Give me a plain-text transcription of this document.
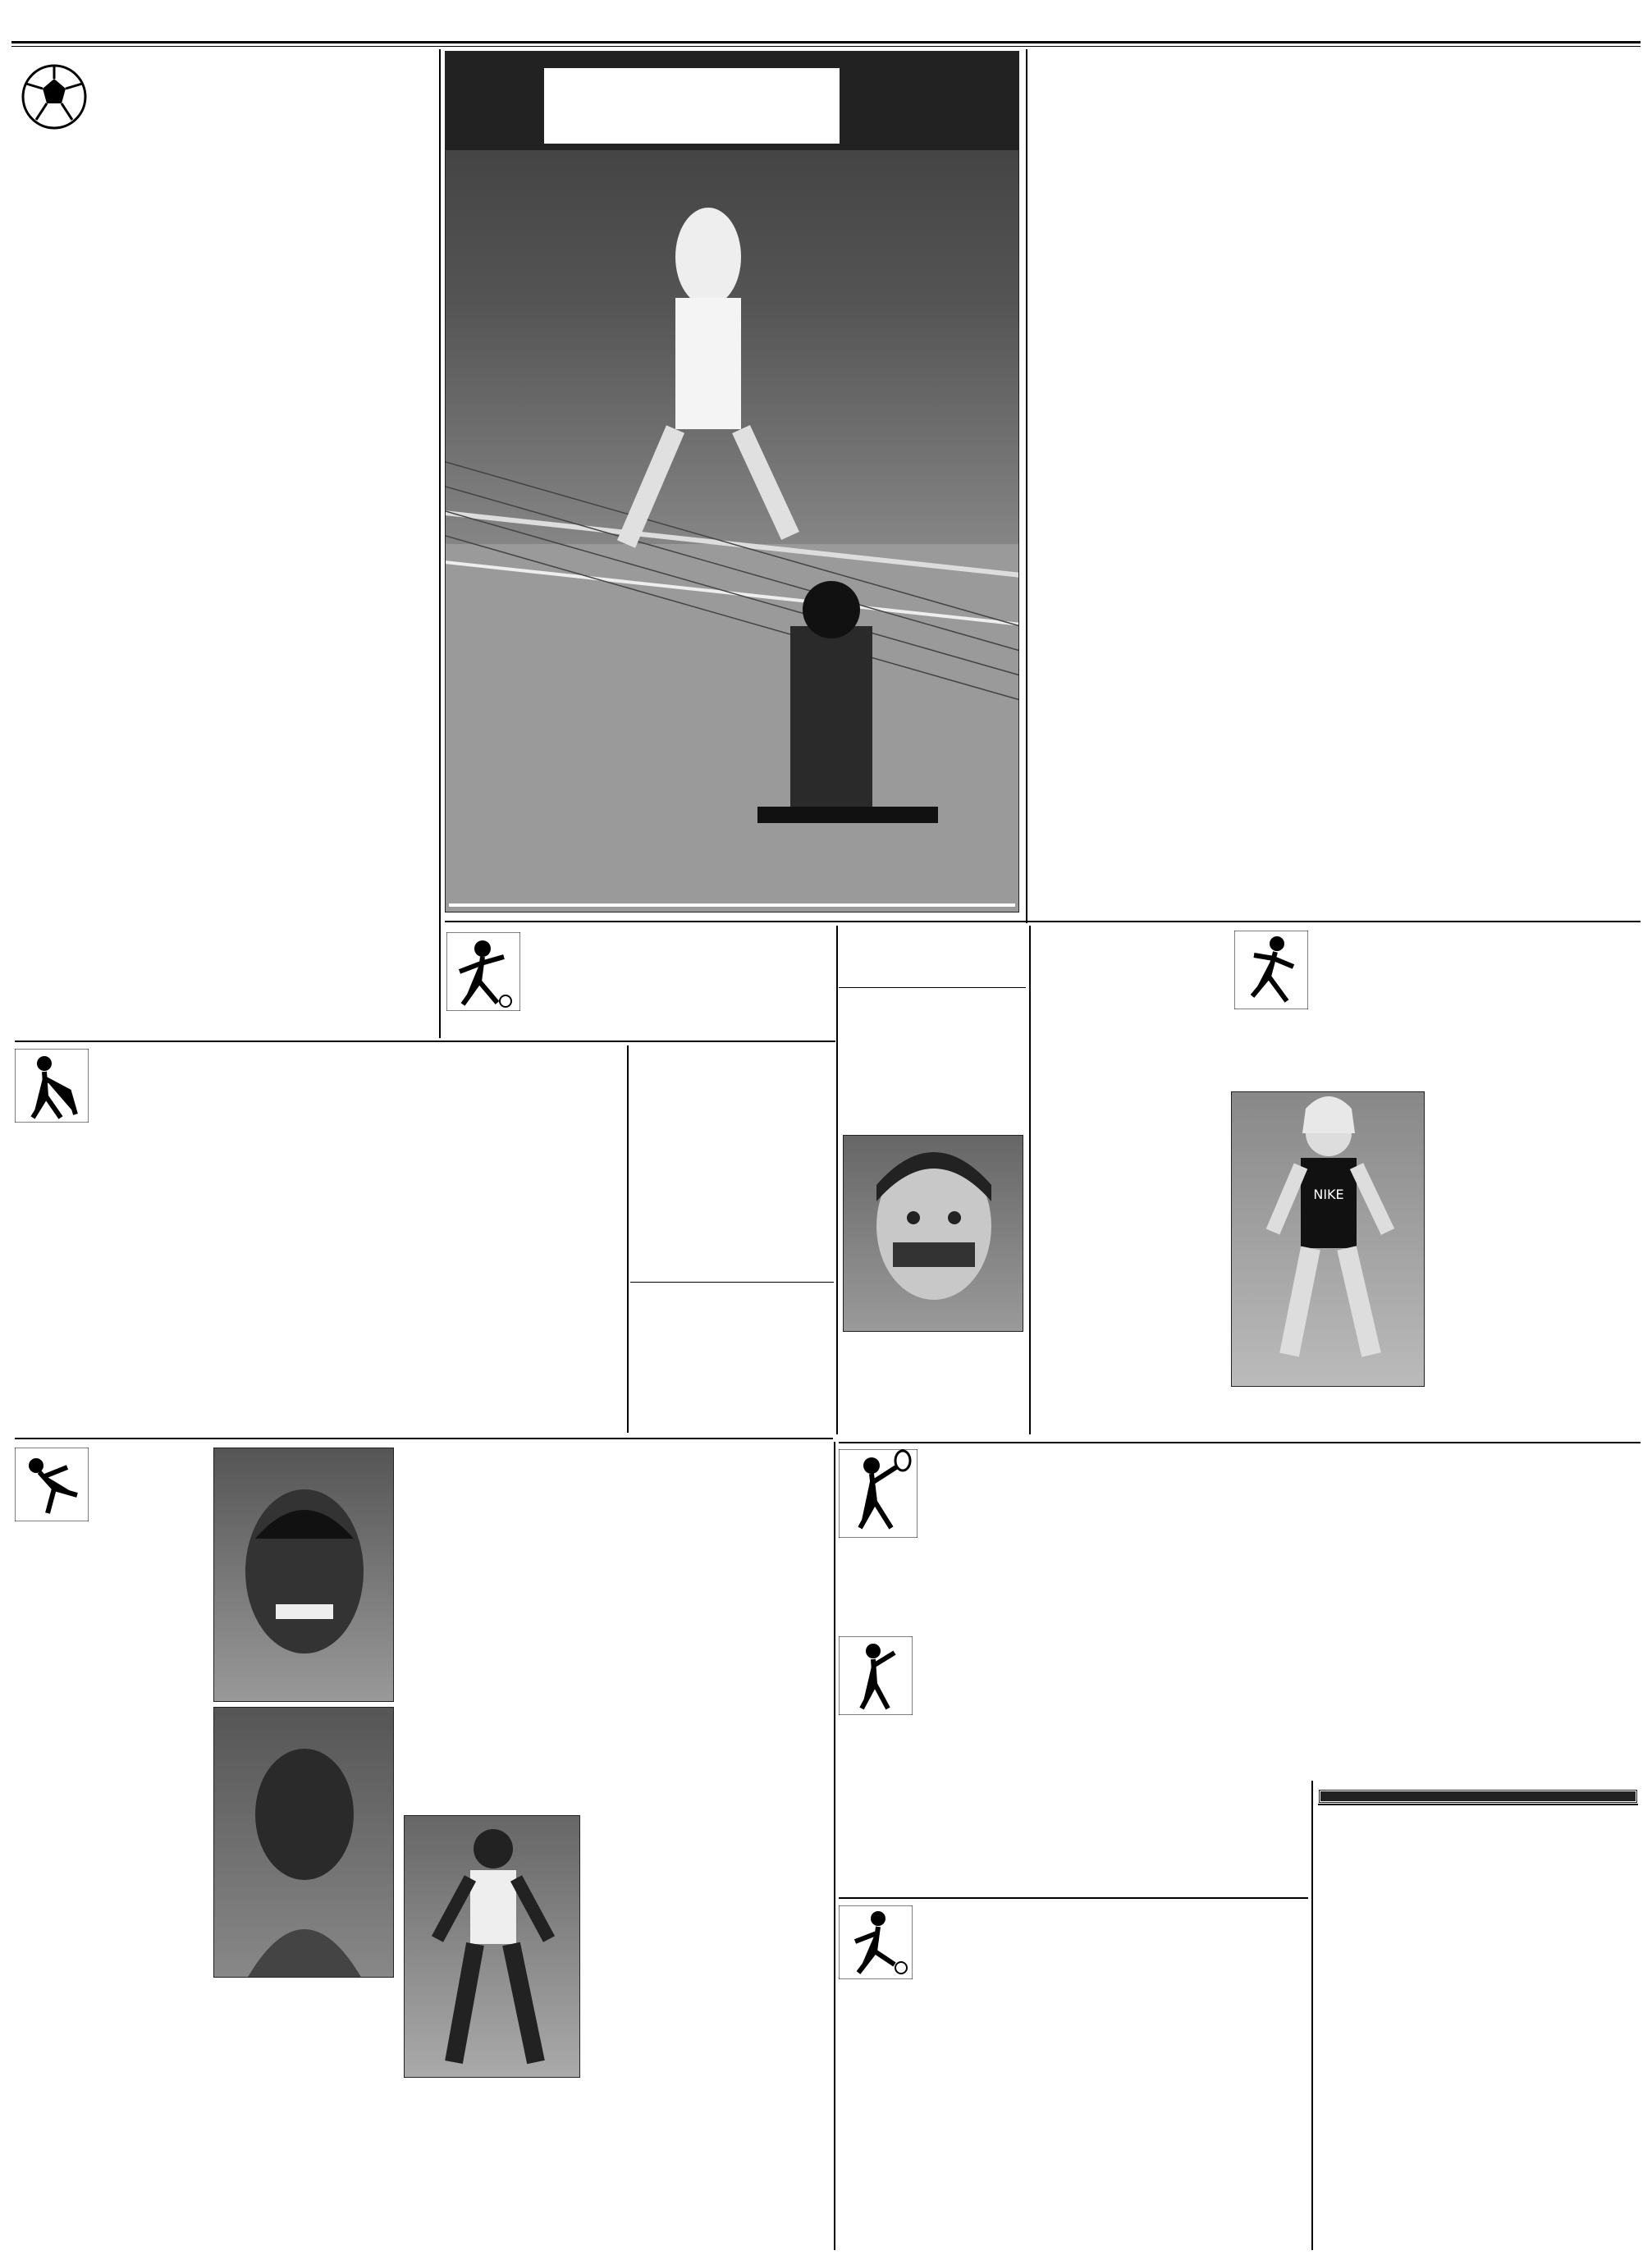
NIKE
